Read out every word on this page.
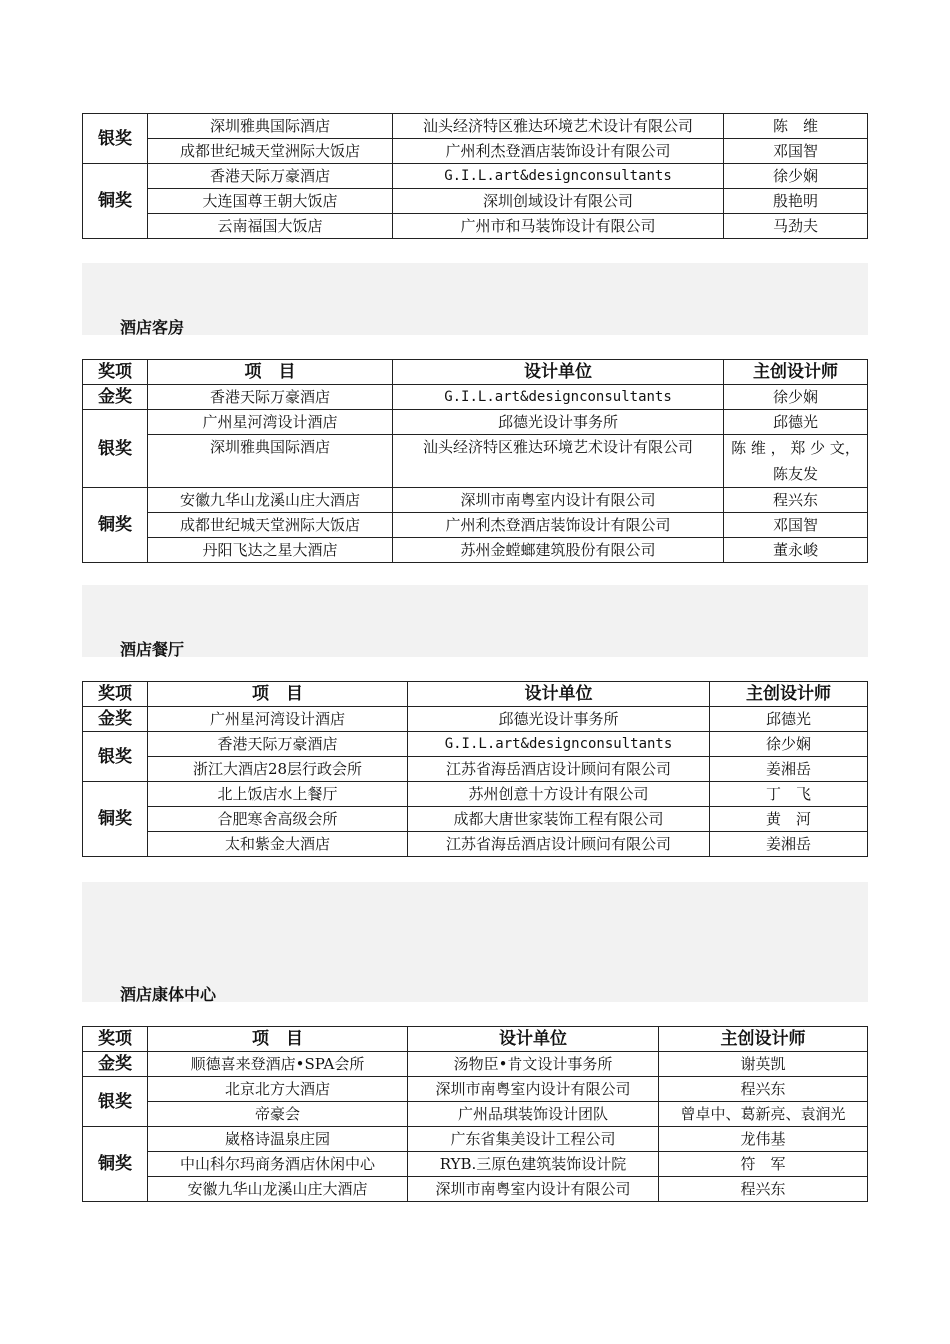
银奖	深圳雅典国际酒店	汕头经济特区雅达环境艺术设计有限公司	陈　维
	成都世纪城天堂洲际大饭店	广州利杰登酒店装饰设计有限公司	邓国智
铜奖	香港天际万豪酒店	G.I.L.art&designconsultants	徐少娴
	大连国尊王朝大饭店	深圳创域设计有限公司	殷艳明
	云南福国大饭店	广州市和马装饰设计有限公司	马劲夫
酒店客房
奖项	项　目	设计单位	主创设计师
金奖	香港天际万豪酒店	G.I.L.art&designconsultants	徐少娴
银奖	广州星河湾设计酒店	邱德光设计事务所	邱德光
	深圳雅典国际酒店	汕头经济特区雅达环境艺术设计有限公司	陈 维 ， 郑 少 文，陈友发
铜奖	安徽九华山龙溪山庄大酒店	深圳市南粤室内设计有限公司	程兴东
	成都世纪城天堂洲际大饭店	广州利杰登酒店装饰设计有限公司	邓国智
	丹阳飞达之星大酒店	苏州金螳螂建筑股份有限公司	董永峻
酒店餐厅
奖项	项　目	设计单位	主创设计师
金奖	广州星河湾设计酒店	邱德光设计事务所	邱德光
银奖	香港天际万豪酒店	G.I.L.art&designconsultants	徐少娴
	浙江大酒店28层行政会所	江苏省海岳酒店设计顾问有限公司	姜湘岳
铜奖	北上饭店水上餐厅	苏州创意十方设计有限公司	丁　飞
	合肥寒舍高级会所	成都大唐世家装饰工程有限公司	黄　河
	太和紫金大酒店	江苏省海岳酒店设计顾问有限公司	姜湘岳
酒店康体中心
奖项	项　目	设计单位	主创设计师
金奖	顺德喜来登酒店•SPA会所	汤物臣•肯文设计事务所	谢英凯
银奖	北京北方大酒店	深圳市南粤室内设计有限公司	程兴东
	帝豪会	广州品琪装饰设计团队	曾卓中、葛新亮、袁润光
铜奖	崴格诗温泉庄园	广东省集美设计工程公司	龙伟基
	中山科尔玛商务酒店休闲中心	RYB.三原色建筑装饰设计院	符　军
	安徽九华山龙溪山庄大酒店	深圳市南粤室内设计有限公司	程兴东
